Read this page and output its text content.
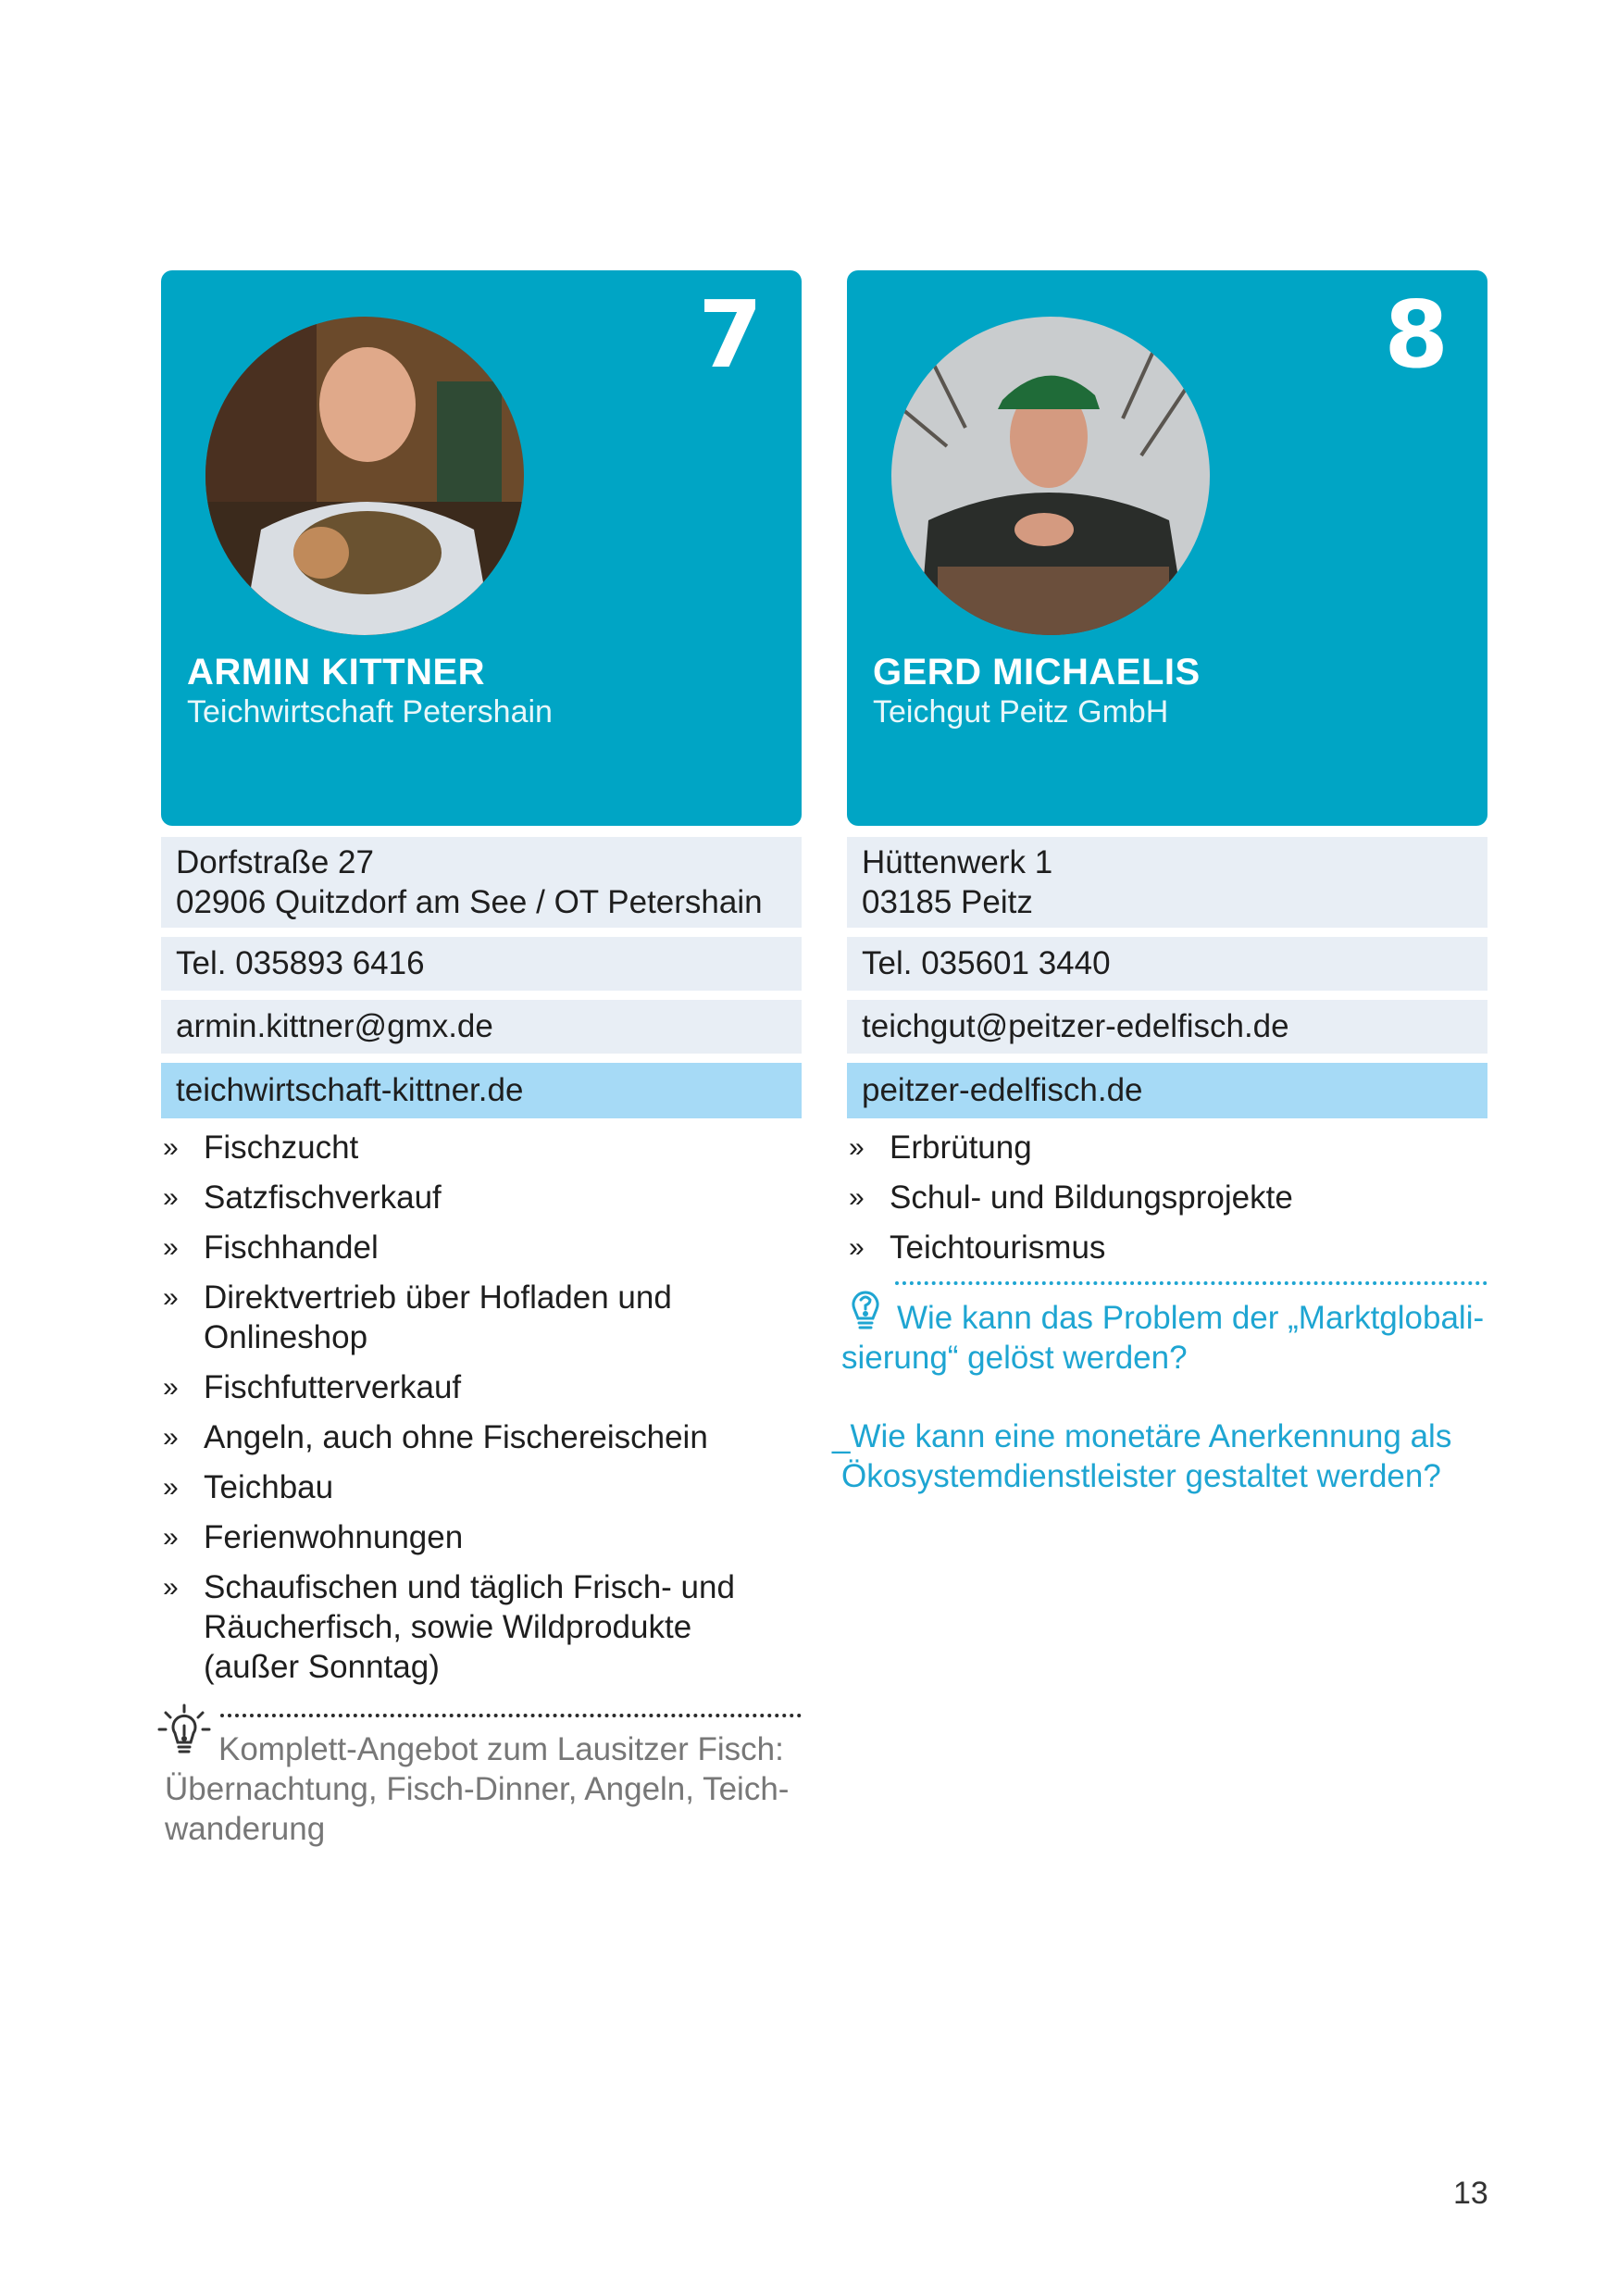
7
ARMIN KITTNER
Teichwirtschaft Petershain
Dorfstraße 27
02906 Quitzdorf am See / OT Petershain
Tel. 035893 6416
armin.kittner@gmx.de
teichwirtschaft-kittner.de
» Fischzucht
» Satzfischverkauf
» Fischhandel
» Direktvertrieb über Hofladen und
Onlineshop
» Fischfutterverkauf
» Angeln, auch ohne Fischereischein
» Teichbau
» Ferienwohnungen
» Schaufischen und täglich Frisch- und
Räucherfisch, sowie Wildprodukte
(außer Sonntag)
Komplett-Angebot zum Lausitzer Fisch:
Übernachtung, Fisch-Dinner, Angeln, Teich-
wanderung
8
GERD MICHAELIS
Teichgut Peitz GmbH
Hüttenwerk 1
03185 Peitz
Tel. 035601 3440
teichgut@peitzer-edelfisch.de
peitzer-edelfisch.de
» Erbrütung
» Schul- und Bildungsprojekte
» Teichtourismus
Wie kann das Problem der „Marktglobali-
sierung“ gelöst werden?
_Wie kann eine monetäre Anerkennung als
Ökosystemdienstleister gestaltet werden?
13
